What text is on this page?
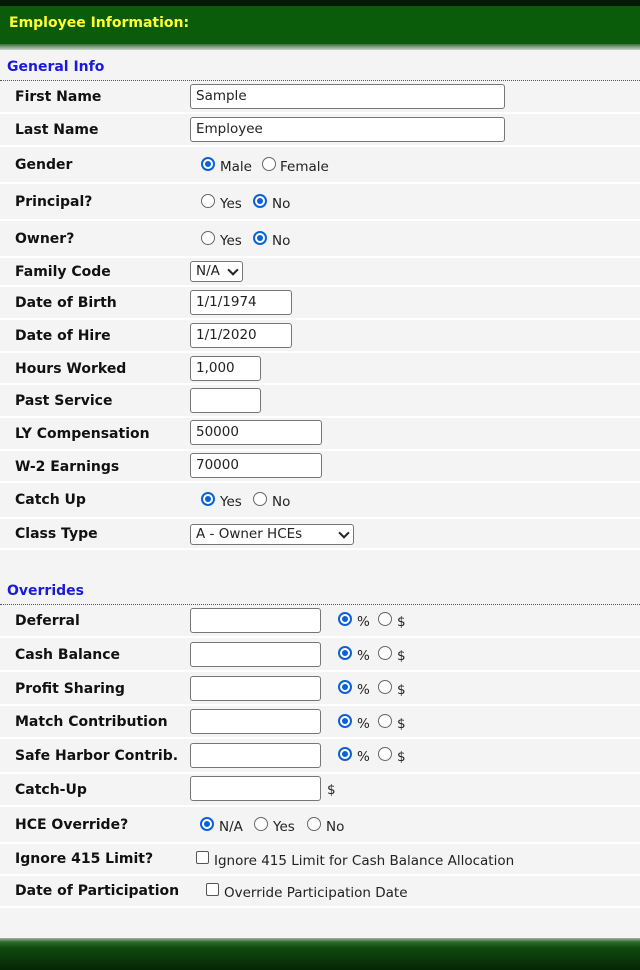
Employee Information:
General Info
First Name	Sample
Last Name	Employee
Gender	Male Female
Principal?	Yes No
Owner?	Yes No
Family Code	N/A
Date of Birth	1/1/1974
Date of Hire	1/1/2020
Hours Worked	1,000
Past Service
LY Compensation	50000
W-2 Earnings	70000
Catch Up	Yes No
Class Type	A - Owner HCEs
Overrides
Deferral	% $
Cash Balance	% $
Profit Sharing	% $
Match Contribution	% $
Safe Harbor Contrib.	% $
Catch-Up	$
HCE Override?	N/A Yes No
Ignore 415 Limit?	Ignore 415 Limit for Cash Balance Allocation
Date of Participation	Override Participation Date
